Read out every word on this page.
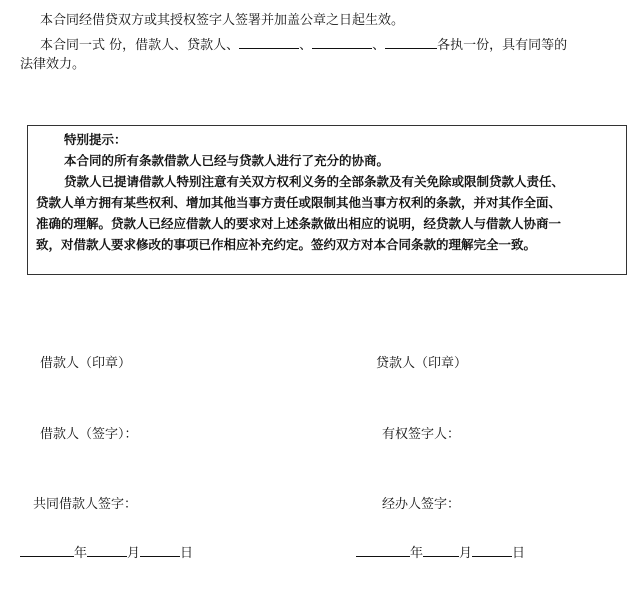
本合同经借贷双方或其授权签字人签署并加盖公章之日起生效。
本合同一式 份，借款人、贷款人、	、	、	各执一份，具有同等的
法律效力。
特别提示：
本合同的所有条款借款人已经与贷款人进行了充分的协商。
贷款人已提请借款人特别注意有关双方权利义务的全部条款及有关免除或限制贷款人责任、
贷款人单方拥有某些权利、增加其他当事方责任或限制其他当事方权利的条款，并对其作全面、
准确的理解。贷款人已经应借款人的要求对上述条款做出相应的说明，经贷款人与借款人协商一
致，对借款人要求修改的事项已作相应补充约定。签约双方对本合同条款的理解完全一致。
借款人（印章）	贷款人（印章）
借款人（签字）：	有权签字人：
共同借款人签字：	经办人签字：
年	月	日	年	月	日
